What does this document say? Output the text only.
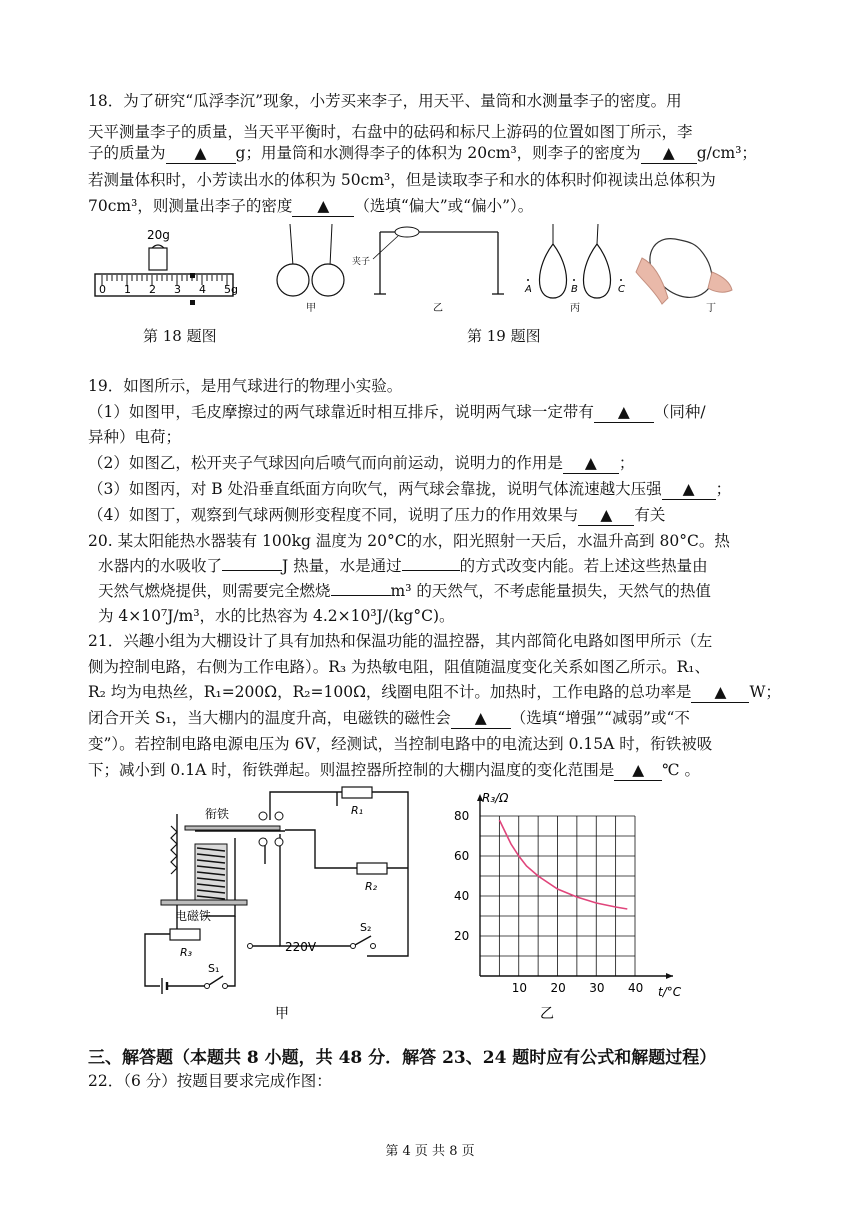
18．为了研究“瓜浮李沉”现象，小芳买来李子，用天平、量筒和水测量李子的密度。用
天平测量李子的质量，当天平平衡时，右盘中的砝码和标尺上游码的位置如图丁所示，李
子的质量为 ▲ g；用量筒和水测得李子的体积为 20cm³，则李子的密度为 ▲ g/cm³；
若测量体积时，小芳读出水的体积为 50cm³，但是读取李子和水的体积时仰视读出总体积为
70cm³，则测量出李子的密度 ▲ （选填“偏大”或“偏小”）。
20g
0 1 2 3 4 5g
甲
夹子
乙
A	B	C
丙	丁
第 18 题图	第 19 题图
19．如图所示，是用气球进行的物理小实验。
（1）如图甲，毛皮摩擦过的两气球靠近时相互排斥，说明两气球一定带有 ▲ （同种/
异种）电荷；
（2）如图乙，松开夹子气球因向后喷气而向前运动，说明力的作用是 ▲ ；
（3）如图丙，对 B 处沿垂直纸面方向吹气，两气球会靠拢，说明气体流速越大压强 ▲ ；
（4）如图丁，观察到气球两侧形变程度不同，说明了压力的作用效果与 ▲ 有关
20. 某太阳能热水器装有 100kg 温度为 20°C的水，阳光照射一天后，水温升高到 80°C。热
水器内的水吸收了	J 热量，水是通过	的方式改变内能。若上述这些热量由
天然气燃烧提供，则需要完全燃烧	m³ 的天然气，不考虑能量损失，天然气的热值
为 4×10⁷J/m³，水的比热容为 4.2×10³J/(kg°C)。
21．兴趣小组为大棚设计了具有加热和保温功能的温控器，其内部简化电路如图甲所示（左
侧为控制电路，右侧为工作电路）。R₃ 为热敏电阻，阻值随温度变化关系如图乙所示。R₁、
R₂ 均为电热丝，R₁=200Ω，R₂=100Ω，线圈电阻不计。加热时，工作电路的总功率是 ▲ W；
闭合开关 S₁，当大棚内的温度升高，电磁铁的磁性会 ▲ （选填“增强”“减弱”或“不
变”）。若控制电路电源电压为 6V，经测试，当控制电路中的电流达到 0.15A 时，衔铁被吸
下；减小到 0.1A 时，衔铁弹起。则温控器所控制的大棚内温度的变化范围是 ▲ ℃ 。
R₁
R₂
R₃
衔铁
电磁铁
220V
S₂
S₁
甲
10 20 30 40
20
40
60
80
R₃/Ω
t/°C
乙
三、解答题（本题共 8 小题，共 48 分．解答 23、24 题时应有公式和解题过程）
22．（6 分）按题目要求完成作图：
第 4 页 共 8 页
